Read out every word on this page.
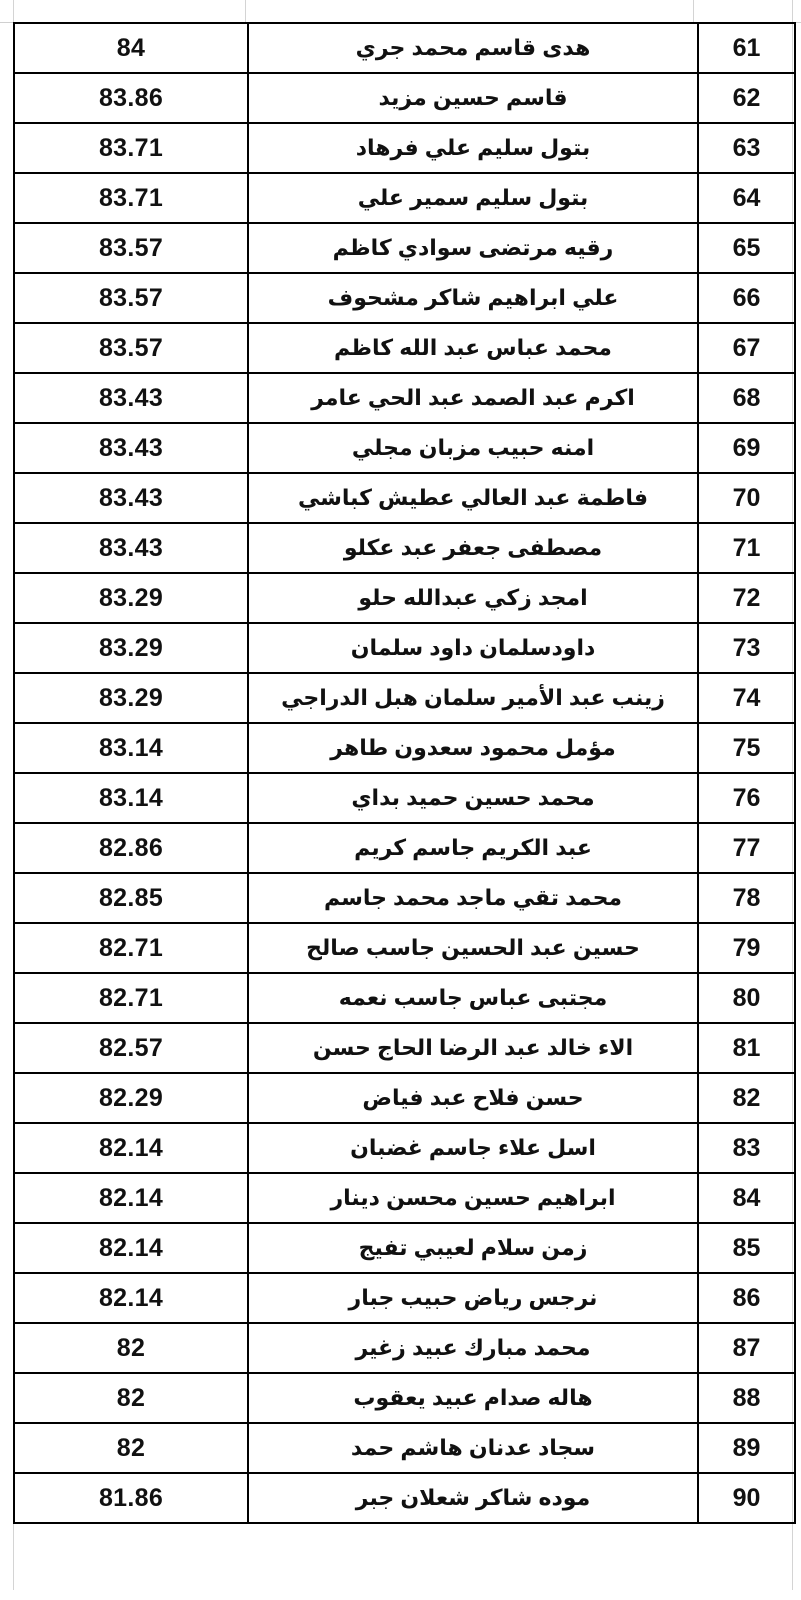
84	هدى قاسم محمد جري	61
83.86	قاسم حسين مزيد	62
83.71	بتول سليم علي فرهاد	63
83.71	بتول سليم سمير علي	64
83.57	رقيه مرتضى سوادي كاظم	65
83.57	علي ابراهيم شاكر مشحوف	66
83.57	محمد عباس عبد الله كاظم	67
83.43	اكرم عبد الصمد عبد الحي عامر	68
83.43	امنه حبيب مزبان مجلي	69
83.43	فاطمة عبد العالي عطيش كباشي	70
83.43	مصطفى جعفر عبد عكلو	71
83.29	امجد زكي عبدالله حلو	72
83.29	داودسلمان داود سلمان	73
83.29	زينب عبد الأمير سلمان هبل الدراجي	74
83.14	مؤمل محمود سعدون طاهر	75
83.14	محمد حسين حميد بداي	76
82.86	عبد الكريم جاسم كريم	77
82.85	محمد تقي ماجد محمد جاسم	78
82.71	حسين عبد الحسين جاسب صالح	79
82.71	مجتبى عباس جاسب نعمه	80
82.57	الاء خالد عبد الرضا الحاج حسن	81
82.29	حسن فلاح عبد فياض	82
82.14	اسل علاء جاسم غضبان	83
82.14	ابراهيم حسين محسن دينار	84
82.14	زمن سلام لعيبي تفيج	85
82.14	نرجس رياض حبيب جبار	86
82	محمد مبارك عبيد زغير	87
82	هاله صدام عبيد يعقوب	88
82	سجاد عدنان هاشم حمد	89
81.86	موده شاكر شعلان جبر	90
